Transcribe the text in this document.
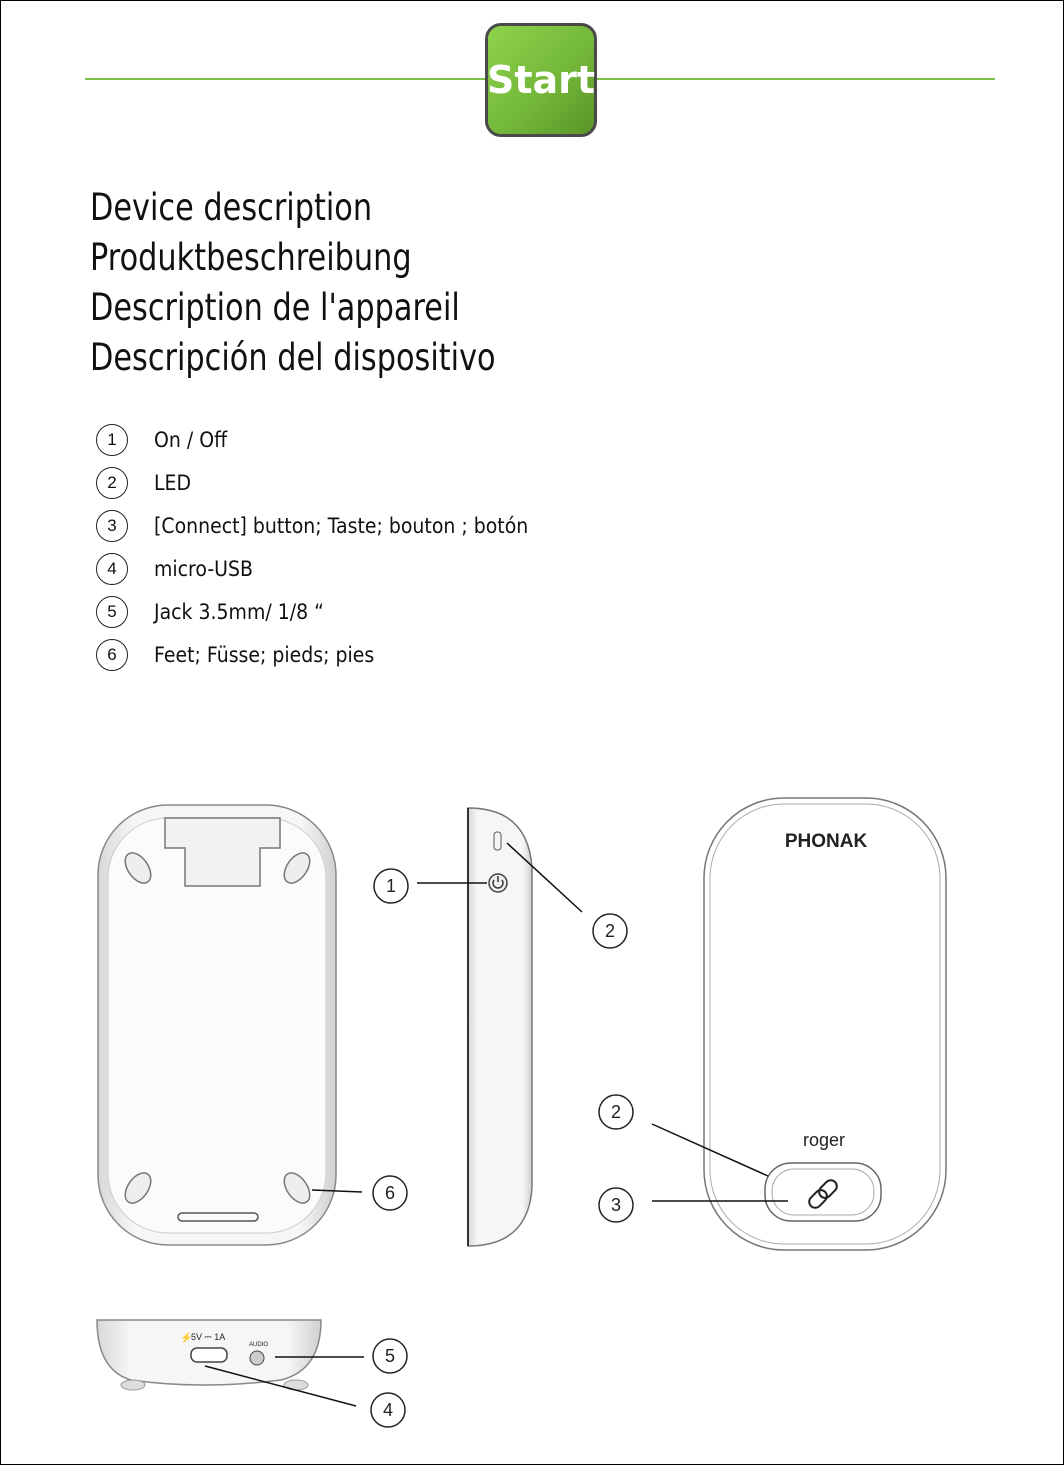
Start
Device description
Produktbeschreibung
Description de l'appareil
Descripción del dispositivo
1	On / Off
2	LED
3	[Connect] button; Taste; bouton ; botón
4	micro-USB
5	Jack 3.5mm/ 1/8 “
6	Feet; Füsse; pieds; pies
PHONAK
roger
⚡
5V ⎓ 1A
AUDIO
6
1
2
2
3
5
4
